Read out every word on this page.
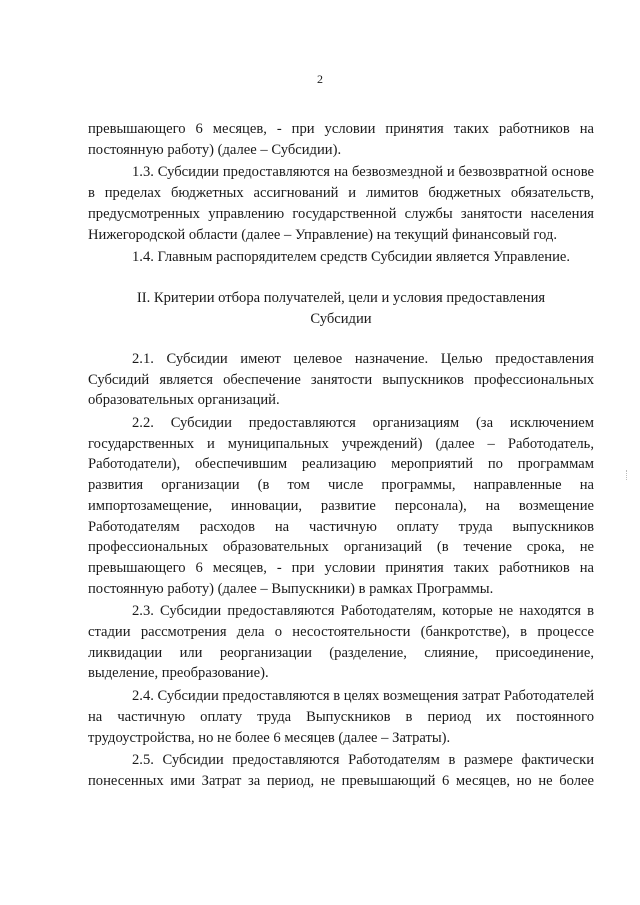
2

превышающего 6 месяцев, - при условии принятия таких работников на постоянную работу) (далее – Субсидии).

1.3. Субсидии предоставляются на безвозмездной и безвозвратной основе в пределах бюджетных ассигнований и лимитов бюджетных обязательств, предусмотренных управлению государственной службы занятости населения Нижегородской области (далее – Управление) на текущий финансовый год.

1.4. Главным распорядителем средств Субсидии является Управление.

II. Критерии отбора получателей, цели и условия предоставления
Субсидии

2.1. Субсидии имеют целевое назначение. Целью предоставления Субсидий является обеспечение занятости выпускников профессиональных образовательных организаций.

2.2. Субсидии предоставляются организациям (за исключением государственных и муниципальных учреждений) (далее – Работодатель, Работодатели), обеспечившим реализацию мероприятий по программам развития организации (в том числе программы, направленные на импортозамещение, инновации, развитие персонала), на возмещение Работодателям расходов на частичную оплату труда выпускников профессиональных образовательных организаций (в течение срока, не превышающего 6 месяцев, - при условии принятия таких работников на постоянную работу) (далее – Выпускники) в рамках Программы.

2.3. Субсидии предоставляются Работодателям, которые не находятся в стадии рассмотрения дела о несостоятельности (банкротстве), в процессе ликвидации или реорганизации (разделение, слияние, присоединение, выделение, преобразование).

2.4. Субсидии предоставляются в целях возмещения затрат Работодателей на частичную оплату труда Выпускников в период их постоянного трудоустройства, но не более 6 месяцев (далее – Затраты).

2.5. Субсидии предоставляются Работодателям в размере фактически понесенных ими Затрат за период, не превышающий 6 месяцев, но не более
